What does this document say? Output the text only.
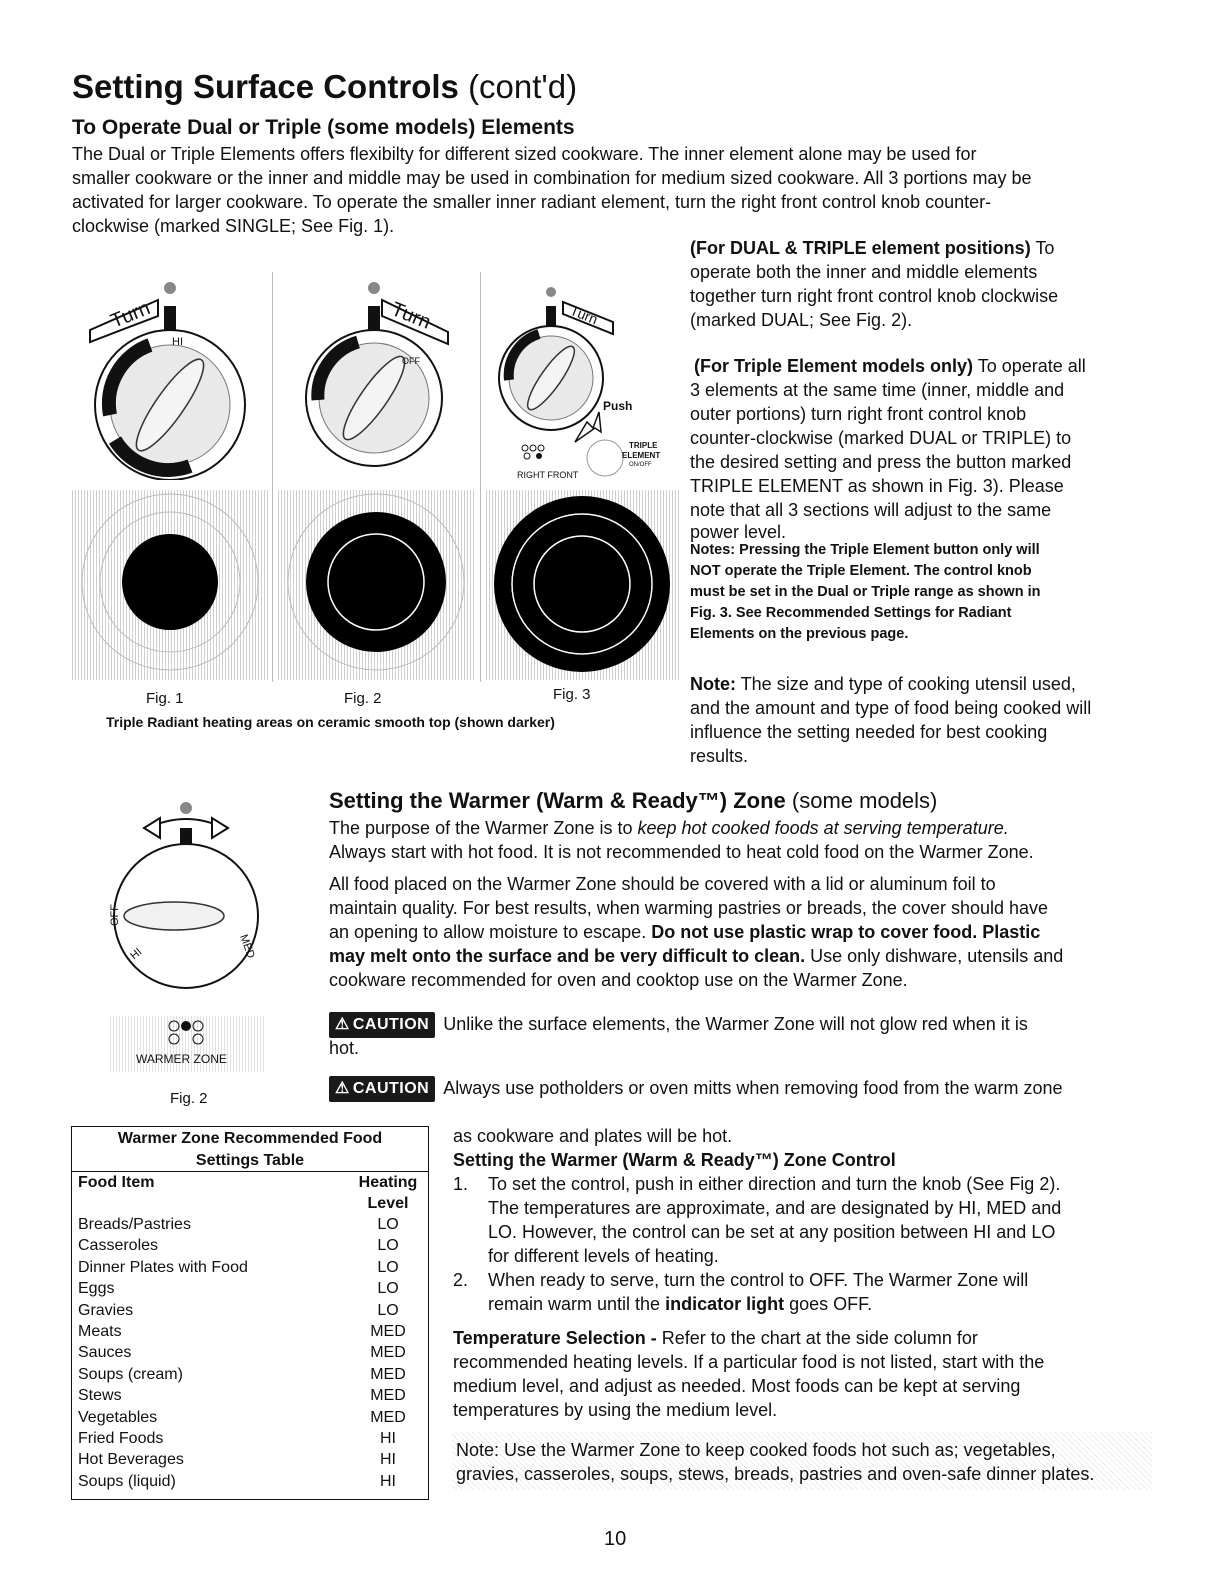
Setting Surface Controls (cont'd)
To Operate Dual or Triple (some models) Elements
The Dual or Triple Elements offers flexibilty for different sized cookware. The inner element alone may be used for
smaller cookware or the inner and middle may be used in combination for medium sized cookware. All 3 portions may be
activated for larger cookware. To operate the smaller inner radiant element, turn the right front control knob counter-
clockwise (marked SINGLE; See Fig. 1).
Turn
HI
Turn
OFF
Turn
Push
TRIPLE
ELEMENT
ON/OFF
RIGHT FRONT
Fig. 1	Fig. 2	Fig. 3
Triple Radiant heating areas on ceramic smooth top (shown darker)
(For DUAL & TRIPLE element positions) To
operate both the inner and middle elements
together turn right front control knob clockwise
(marked DUAL; See Fig. 2).
(For Triple Element models only) To operate all
3 elements at the same time (inner, middle and
outer portions) turn right front control knob
counter-clockwise (marked DUAL or TRIPLE) to
the desired setting and press the button marked
TRIPLE ELEMENT as shown in Fig. 3). Please
note that all 3 sections will adjust to the same
power level.
Notes: Pressing the Triple Element button only will
NOT operate the Triple Element. The control knob
must be set in the Dual or Triple range as shown in
Fig. 3. See Recommended Settings for Radiant
Elements on the previous page.
Note: The size and type of cooking utensil used,
and the amount and type of food being cooked will
influence the setting needed for best cooking
results.
OFF
MED
HI
WARMER ZONE
Fig. 2
Setting the Warmer (Warm & Ready™) Zone (some models)
The purpose of the Warmer Zone is to keep hot cooked foods at serving temperature.
Always start with hot food. It is not recommended to heat cold food on the Warmer Zone.
All food placed on the Warmer Zone should be covered with a lid or aluminum foil to
maintain quality. For best results, when warming pastries or breads, the cover should have
an opening to allow moisture to escape. Do not use plastic wrap to cover food. Plastic
may melt onto the surface and be very difficult to clean. Use only dishware, utensils and
cookware recommended for oven and cooktop use on the Warmer Zone.
⚠ CAUTION Unlike the surface elements, the Warmer Zone will not glow red when it is
hot.
⚠ CAUTION Always use potholders or oven mitts when removing food from the warm zone
as cookware and plates will be hot.
Setting the Warmer (Warm & Ready™) Zone Control
1. To set the control, push in either direction and turn the knob (See Fig 2).
The temperatures are approximate, and are designated by HI, MED and
LO. However, the control can be set at any position between HI and LO
for different levels of heating.
2. When ready to serve, turn the control to OFF. The Warmer Zone will
remain warm until the indicator light goes OFF.
Temperature Selection - Refer to the chart at the side column for
recommended heating levels. If a particular food is not listed, start with the
medium level, and adjust as needed. Most foods can be kept at serving
temperatures by using the medium level.
Note: Use the Warmer Zone to keep cooked foods hot such as; vegetables,
gravies, casseroles, soups, stews, breads, pastries and oven-safe dinner plates.
Warmer Zone Recommended Food
Settings Table
Food Item	Heating
Level
Breads/Pastries	LO
Casseroles	LO
Dinner Plates with Food	LO
Eggs	LO
Gravies	LO
Meats	MED
Sauces	MED
Soups (cream)	MED
Stews	MED
Vegetables	MED
Fried Foods	HI
Hot Beverages	HI
Soups (liquid)	HI
10
